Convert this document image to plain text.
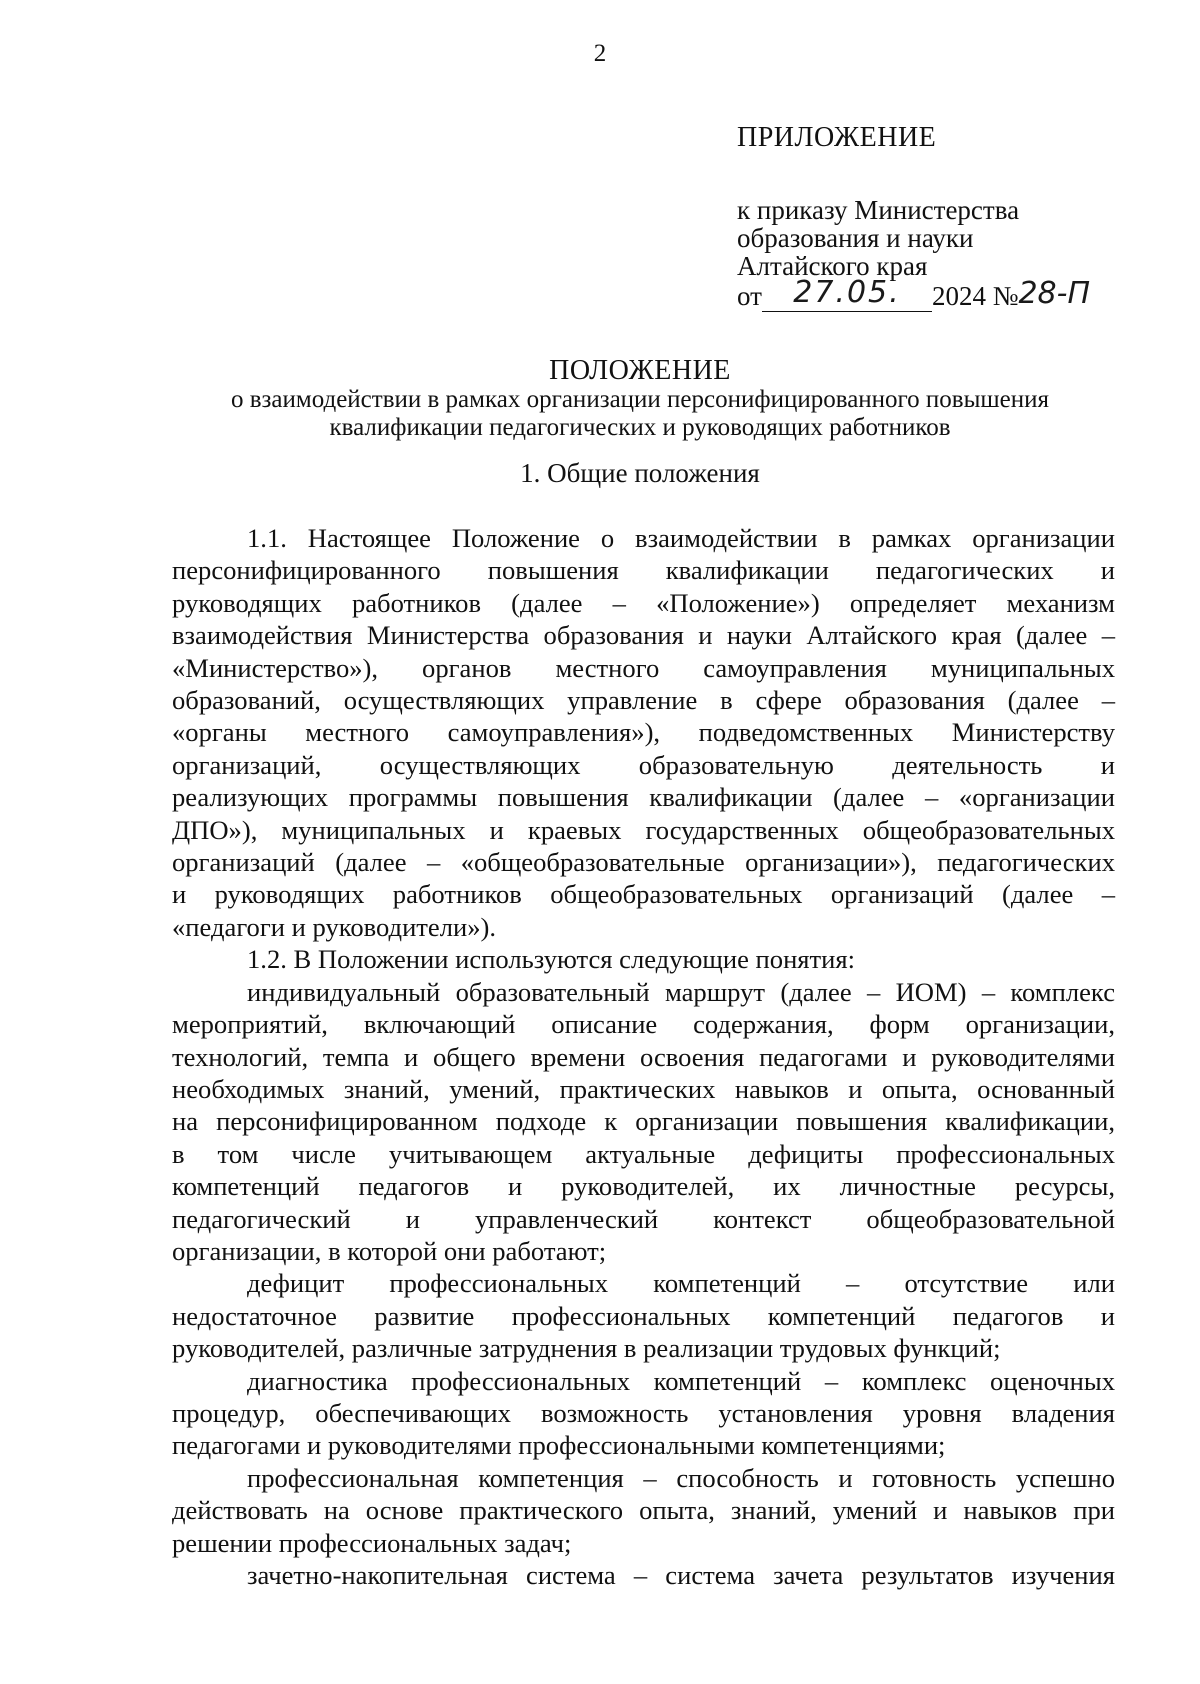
2
ПРИЛОЖЕНИЕ
к приказу Министерства
образования и науки
Алтайского края
от	27.05.	2024 № 28-П
ПОЛОЖЕНИЕ
о взаимодействии в рамках организации персонифицированного повышения
квалификации педагогических и руководящих работников
1. Общие положения

1.1. Настоящее Положение о взаимодействии в рамках организации

персонифицированного повышения квалификации педагогических и

руководящих работников (далее – «Положение») определяет механизм

взаимодействия Министерства образования и науки Алтайского края (далее –

«Министерство»), органов местного самоуправления муниципальных

образований, осуществляющих управление в сфере образования (далее –

«органы местного самоуправления»), подведомственных Министерству

организаций, осуществляющих образовательную деятельность и

реализующих программы повышения квалификации (далее – «организации

ДПО»), муниципальных и краевых государственных общеобразовательных

организаций (далее – «общеобразовательные организации»), педагогических

и руководящих работников общеобразовательных организаций (далее –

«педагоги и руководители»).

1.2. В Положении используются следующие понятия:

индивидуальный образовательный маршрут (далее – ИОМ) – комплекс

мероприятий, включающий описание содержания, форм организации,

технологий, темпа и общего времени освоения педагогами и руководителями

необходимых знаний, умений, практических навыков и опыта, основанный

на персонифицированном подходе к организации повышения квалификации,

в том числе учитывающем актуальные дефициты профессиональных

компетенций педагогов и руководителей, их личностные ресурсы,

педагогический и управленческий контекст общеобразовательной

организации, в которой они работают;

дефицит профессиональных компетенций – отсутствие или

недостаточное развитие профессиональных компетенций педагогов и

руководителей, различные затруднения в реализации трудовых функций;

диагностика профессиональных компетенций – комплекс оценочных

процедур, обеспечивающих возможность установления уровня владения

педагогами и руководителями профессиональными компетенциями;

профессиональная компетенция – способность и готовность успешно

действовать на основе практического опыта, знаний, умений и навыков при

решении профессиональных задач;

зачетно-накопительная система – система зачета результатов изучения
